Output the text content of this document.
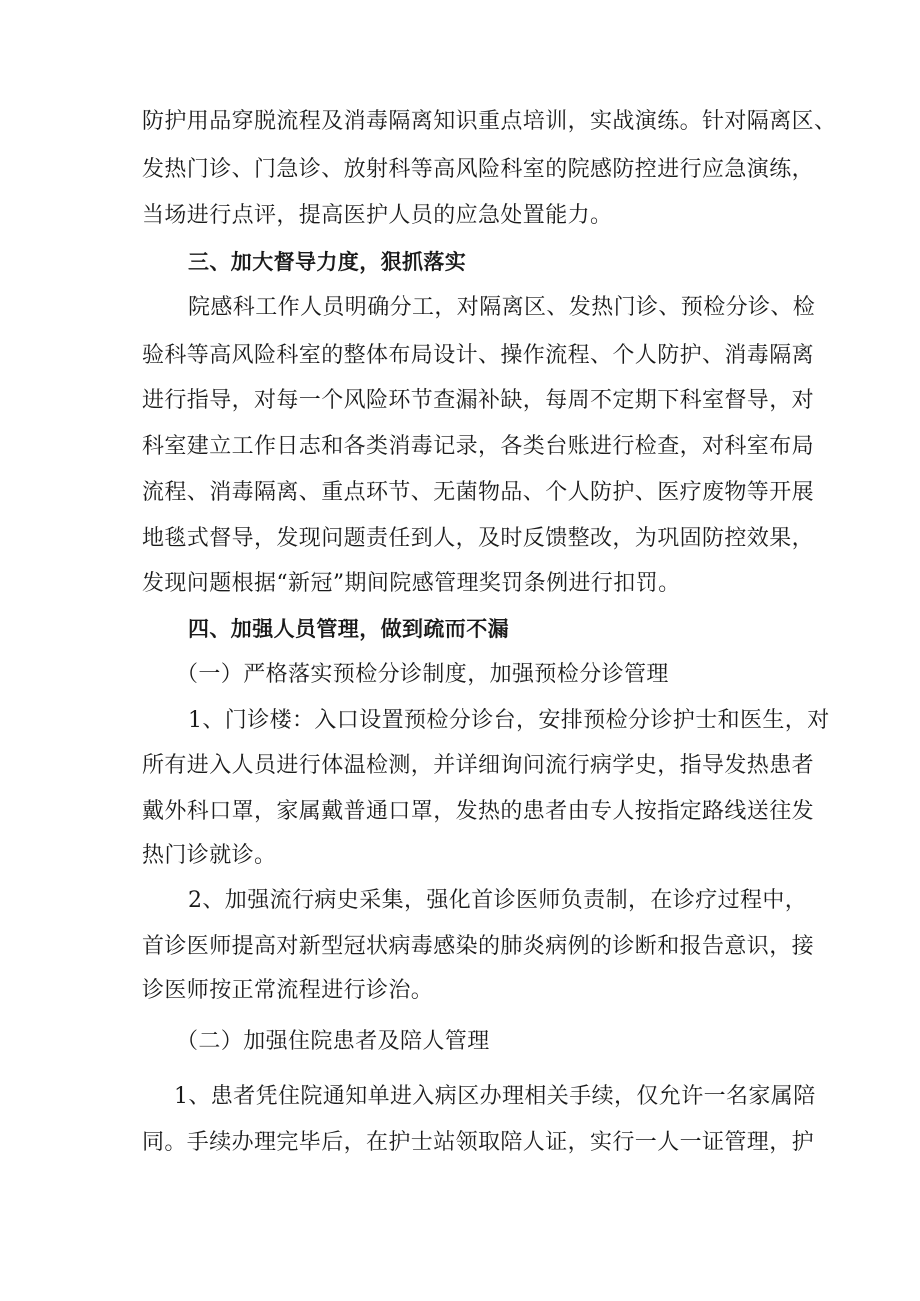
防护用品穿脱流程及消毒隔离知识重点培训，实战演练。针对隔离区、
发热门诊、门急诊、放射科等高风险科室的院感防控进行应急演练，
当场进行点评，提高医护人员的应急处置能力。
三、加大督导力度，狠抓落实
院感科工作人员明确分工，对隔离区、发热门诊、预检分诊、检
验科等高风险科室的整体布局设计、操作流程、个人防护、消毒隔离
进行指导，对每一个风险环节查漏补缺，每周不定期下科室督导，对
科室建立工作日志和各类消毒记录，各类台账进行检查，对科室布局
流程、消毒隔离、重点环节、无菌物品、个人防护、医疗废物等开展
地毯式督导，发现问题责任到人，及时反馈整改，为巩固防控效果，
发现问题根据“新冠”期间院感管理奖罚条例进行扣罚。
四、加强人员管理，做到疏而不漏
（一）严格落实预检分诊制度，加强预检分诊管理
1、门诊楼：入口设置预检分诊台，安排预检分诊护士和医生，对
所有进入人员进行体温检测，并详细询问流行病学史，指导发热患者
戴外科口罩，家属戴普通口罩，发热的患者由专人按指定路线送往发
热门诊就诊。
2、加强流行病史采集，强化首诊医师负责制，在诊疗过程中，
首诊医师提高对新型冠状病毒感染的肺炎病例的诊断和报告意识，接
诊医师按正常流程进行诊治。
（二）加强住院患者及陪人管理
1、患者凭住院通知单进入病区办理相关手续，仅允许一名家属陪
同。手续办理完毕后，在护士站领取陪人证，实行一人一证管理，护
